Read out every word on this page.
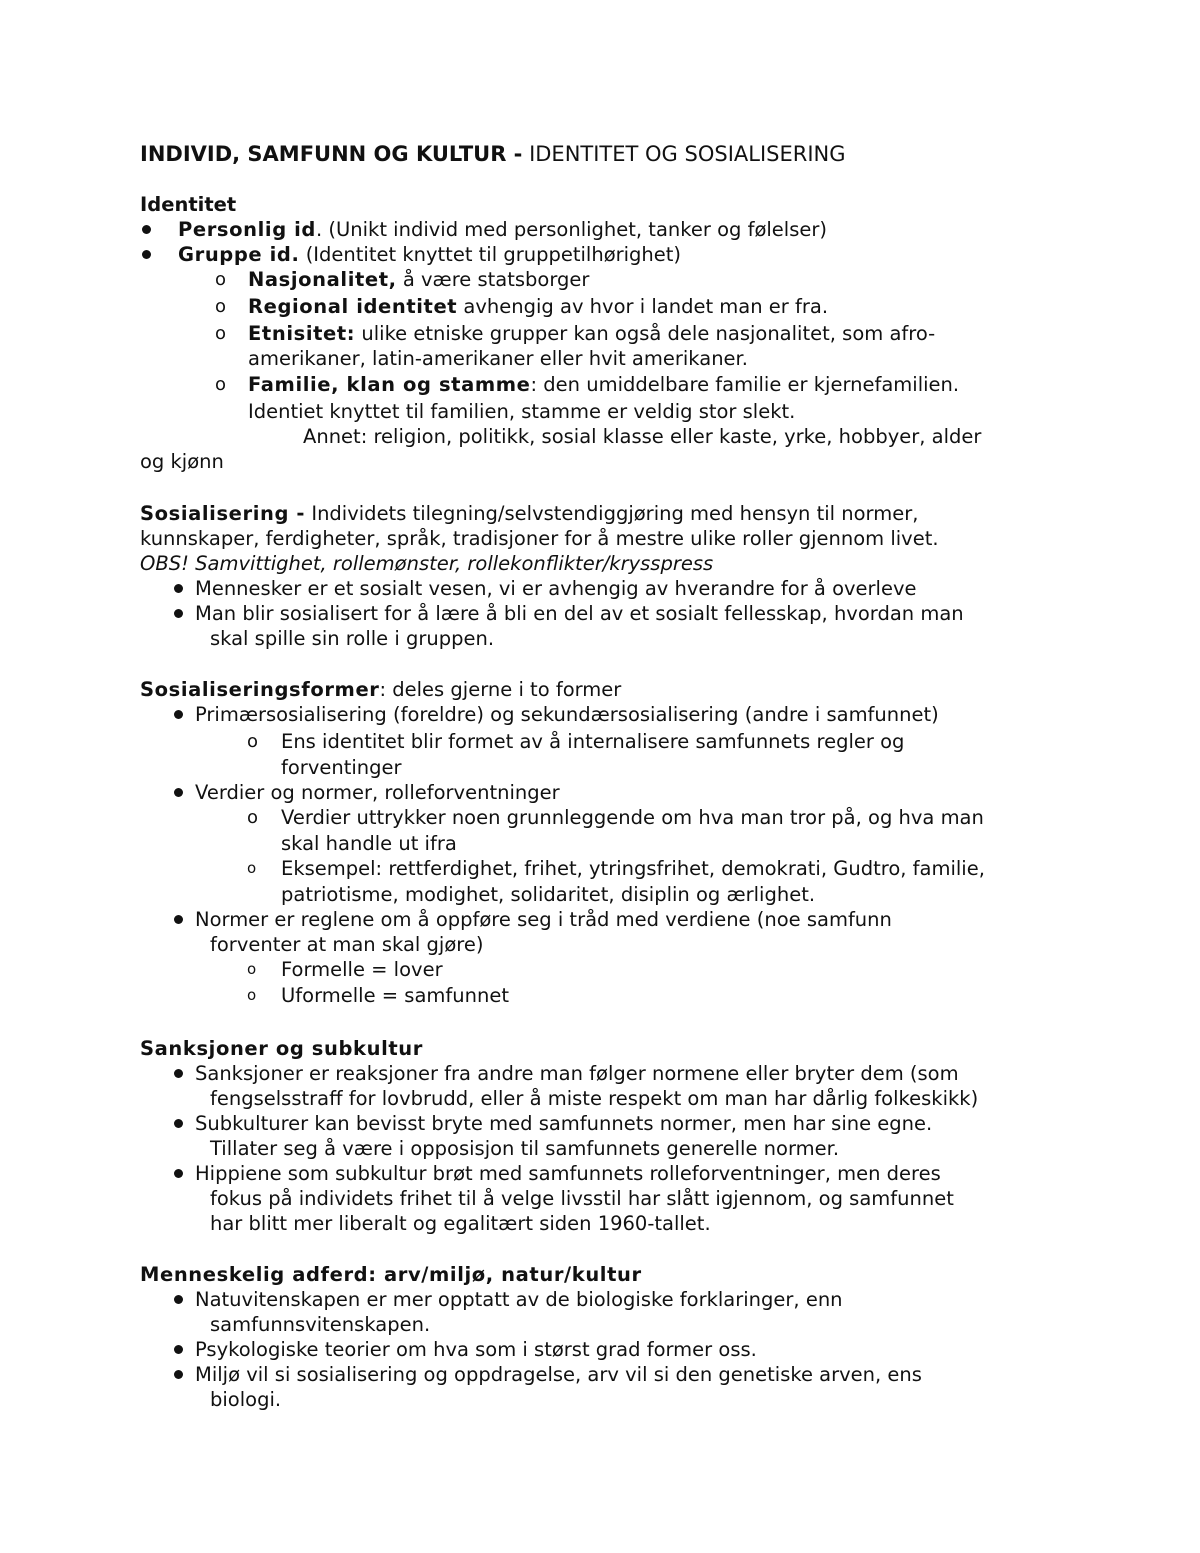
INDIVID, SAMFUNN OG KULTUR - IDENTITET OG SOSIALISERING
Identitet
Personlig id. (Unikt individ med personlighet, tanker og følelser)
Gruppe id. (Identitet knyttet til gruppetilhørighet)
o Nasjonalitet, å være statsborger
o Regional identitet avhengig av hvor i landet man er fra.
o Etnisitet: ulike etniske grupper kan også dele nasjonalitet, som afro-
amerikaner, latin-amerikaner eller hvit amerikaner.
o Familie, klan og stamme: den umiddelbare familie er kjernefamilien.
Identiet knyttet til familien, stamme er veldig stor slekt.
Annet: religion, politikk, sosial klasse eller kaste, yrke, hobbyer, alder
og kjønn
Sosialisering - Individets tilegning/selvstendiggjøring med hensyn til normer,
kunnskaper, ferdigheter, språk, tradisjoner for å mestre ulike roller gjennom livet.
OBS! Samvittighet, rollemønster, rollekonflikter/krysspress
Mennesker er et sosialt vesen, vi er avhengig av hverandre for å overleve
Man blir sosialisert for å lære å bli en del av et sosialt fellesskap, hvordan man
skal spille sin rolle i gruppen.
Sosialiseringsformer: deles gjerne i to former
Primærsosialisering (foreldre) og sekundærsosialisering (andre i samfunnet)
o Ens identitet blir formet av å internalisere samfunnets regler og
forventinger
Verdier og normer, rolleforventninger
o Verdier uttrykker noen grunnleggende om hva man tror på, og hva man
skal handle ut ifra
o Eksempel: rettferdighet, frihet, ytringsfrihet, demokrati, Gudtro, familie,
patriotisme, modighet, solidaritet, disiplin og ærlighet.
Normer er reglene om å oppføre seg i tråd med verdiene (noe samfunn
forventer at man skal gjøre)
o Formelle = lover
o Uformelle = samfunnet
Sanksjoner og subkultur
Sanksjoner er reaksjoner fra andre man følger normene eller bryter dem (som
fengselsstraff for lovbrudd, eller å miste respekt om man har dårlig folkeskikk)
Subkulturer kan bevisst bryte med samfunnets normer, men har sine egne.
Tillater seg å være i opposisjon til samfunnets generelle normer.
Hippiene som subkultur brøt med samfunnets rolleforventninger, men deres
fokus på individets frihet til å velge livsstil har slått igjennom, og samfunnet
har blitt mer liberalt og egalitært siden 1960-tallet.
Menneskelig adferd: arv/miljø, natur/kultur
Natuvitenskapen er mer opptatt av de biologiske forklaringer, enn
samfunnsvitenskapen.
Psykologiske teorier om hva som i størst grad former oss.
Miljø vil si sosialisering og oppdragelse, arv vil si den genetiske arven, ens
biologi.
